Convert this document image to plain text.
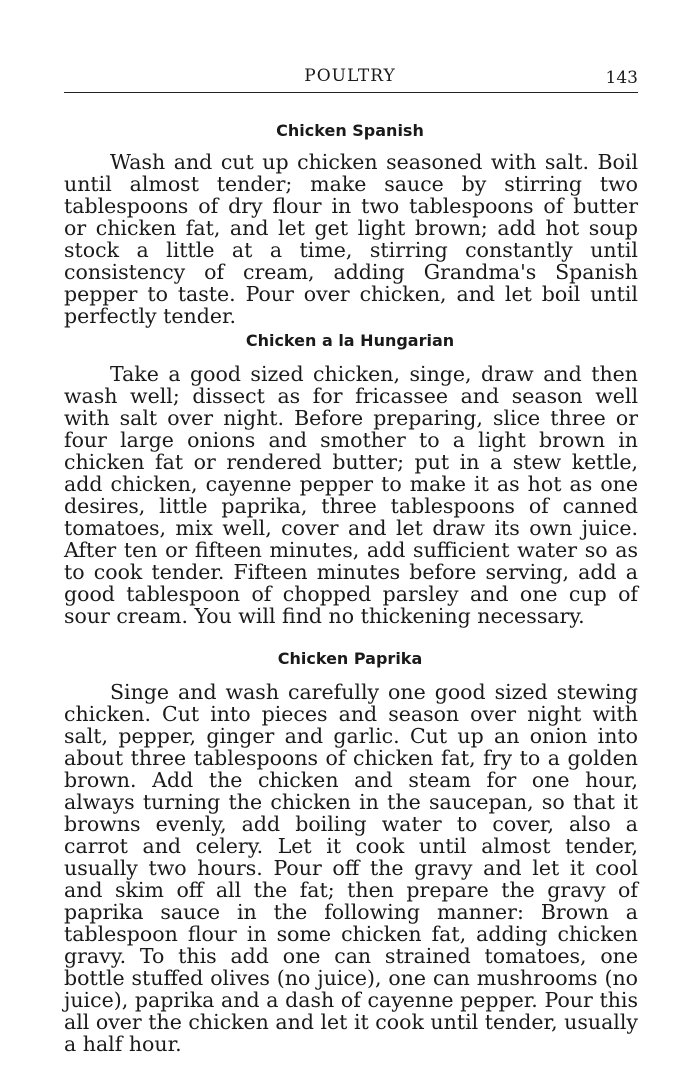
POULTRY	143
Chicken Spanish

Wash and cut up chicken seasoned with salt. Boil until almost tender; make sauce by stirring two tablespoons of dry flour in two tablespoons of butter or chicken fat, and let get light brown; add hot soup stock a little at a time, stirring constantly until consistency of cream, adding Grandma's Spanish pepper to taste. Pour over chicken, and let boil until perfectly tender.

Chicken a la Hungarian

Take a good sized chicken, singe, draw and then wash well; dissect as for fricassee and season well with salt over night. Before preparing, slice three or four large onions and smother to a light brown in chicken fat or rendered butter; put in a stew kettle, add chicken, cayenne pepper to make it as hot as one desires, little paprika, three tablespoons of canned tomatoes, mix well, cover and let draw its own juice. After ten or fifteen minutes, add sufficient water so as to cook tender. Fifteen minutes before serving, add a good tablespoon of chopped parsley and one cup of sour cream. You will find no thickening necessary.

Chicken Paprika

Singe and wash carefully one good sized stewing chicken. Cut into pieces and season over night with salt, pepper, ginger and garlic. Cut up an onion into about three tablespoons of chicken fat, fry to a golden brown. Add the chicken and steam for one hour, always turning the chicken in the saucepan, so that it browns evenly, add boiling water to cover, also a carrot and celery. Let it cook until almost tender, usually two hours. Pour off the gravy and let it cool and skim off all the fat; then prepare the gravy of paprika sauce in the following manner: Brown a tablespoon flour in some chicken fat, adding chicken gravy. To this add one can strained tomatoes, one bottle stuffed olives (no juice), one can mushrooms (no juice), paprika and a dash of cayenne pepper. Pour this all over the chicken and let it cook until tender, usually a half hour.
